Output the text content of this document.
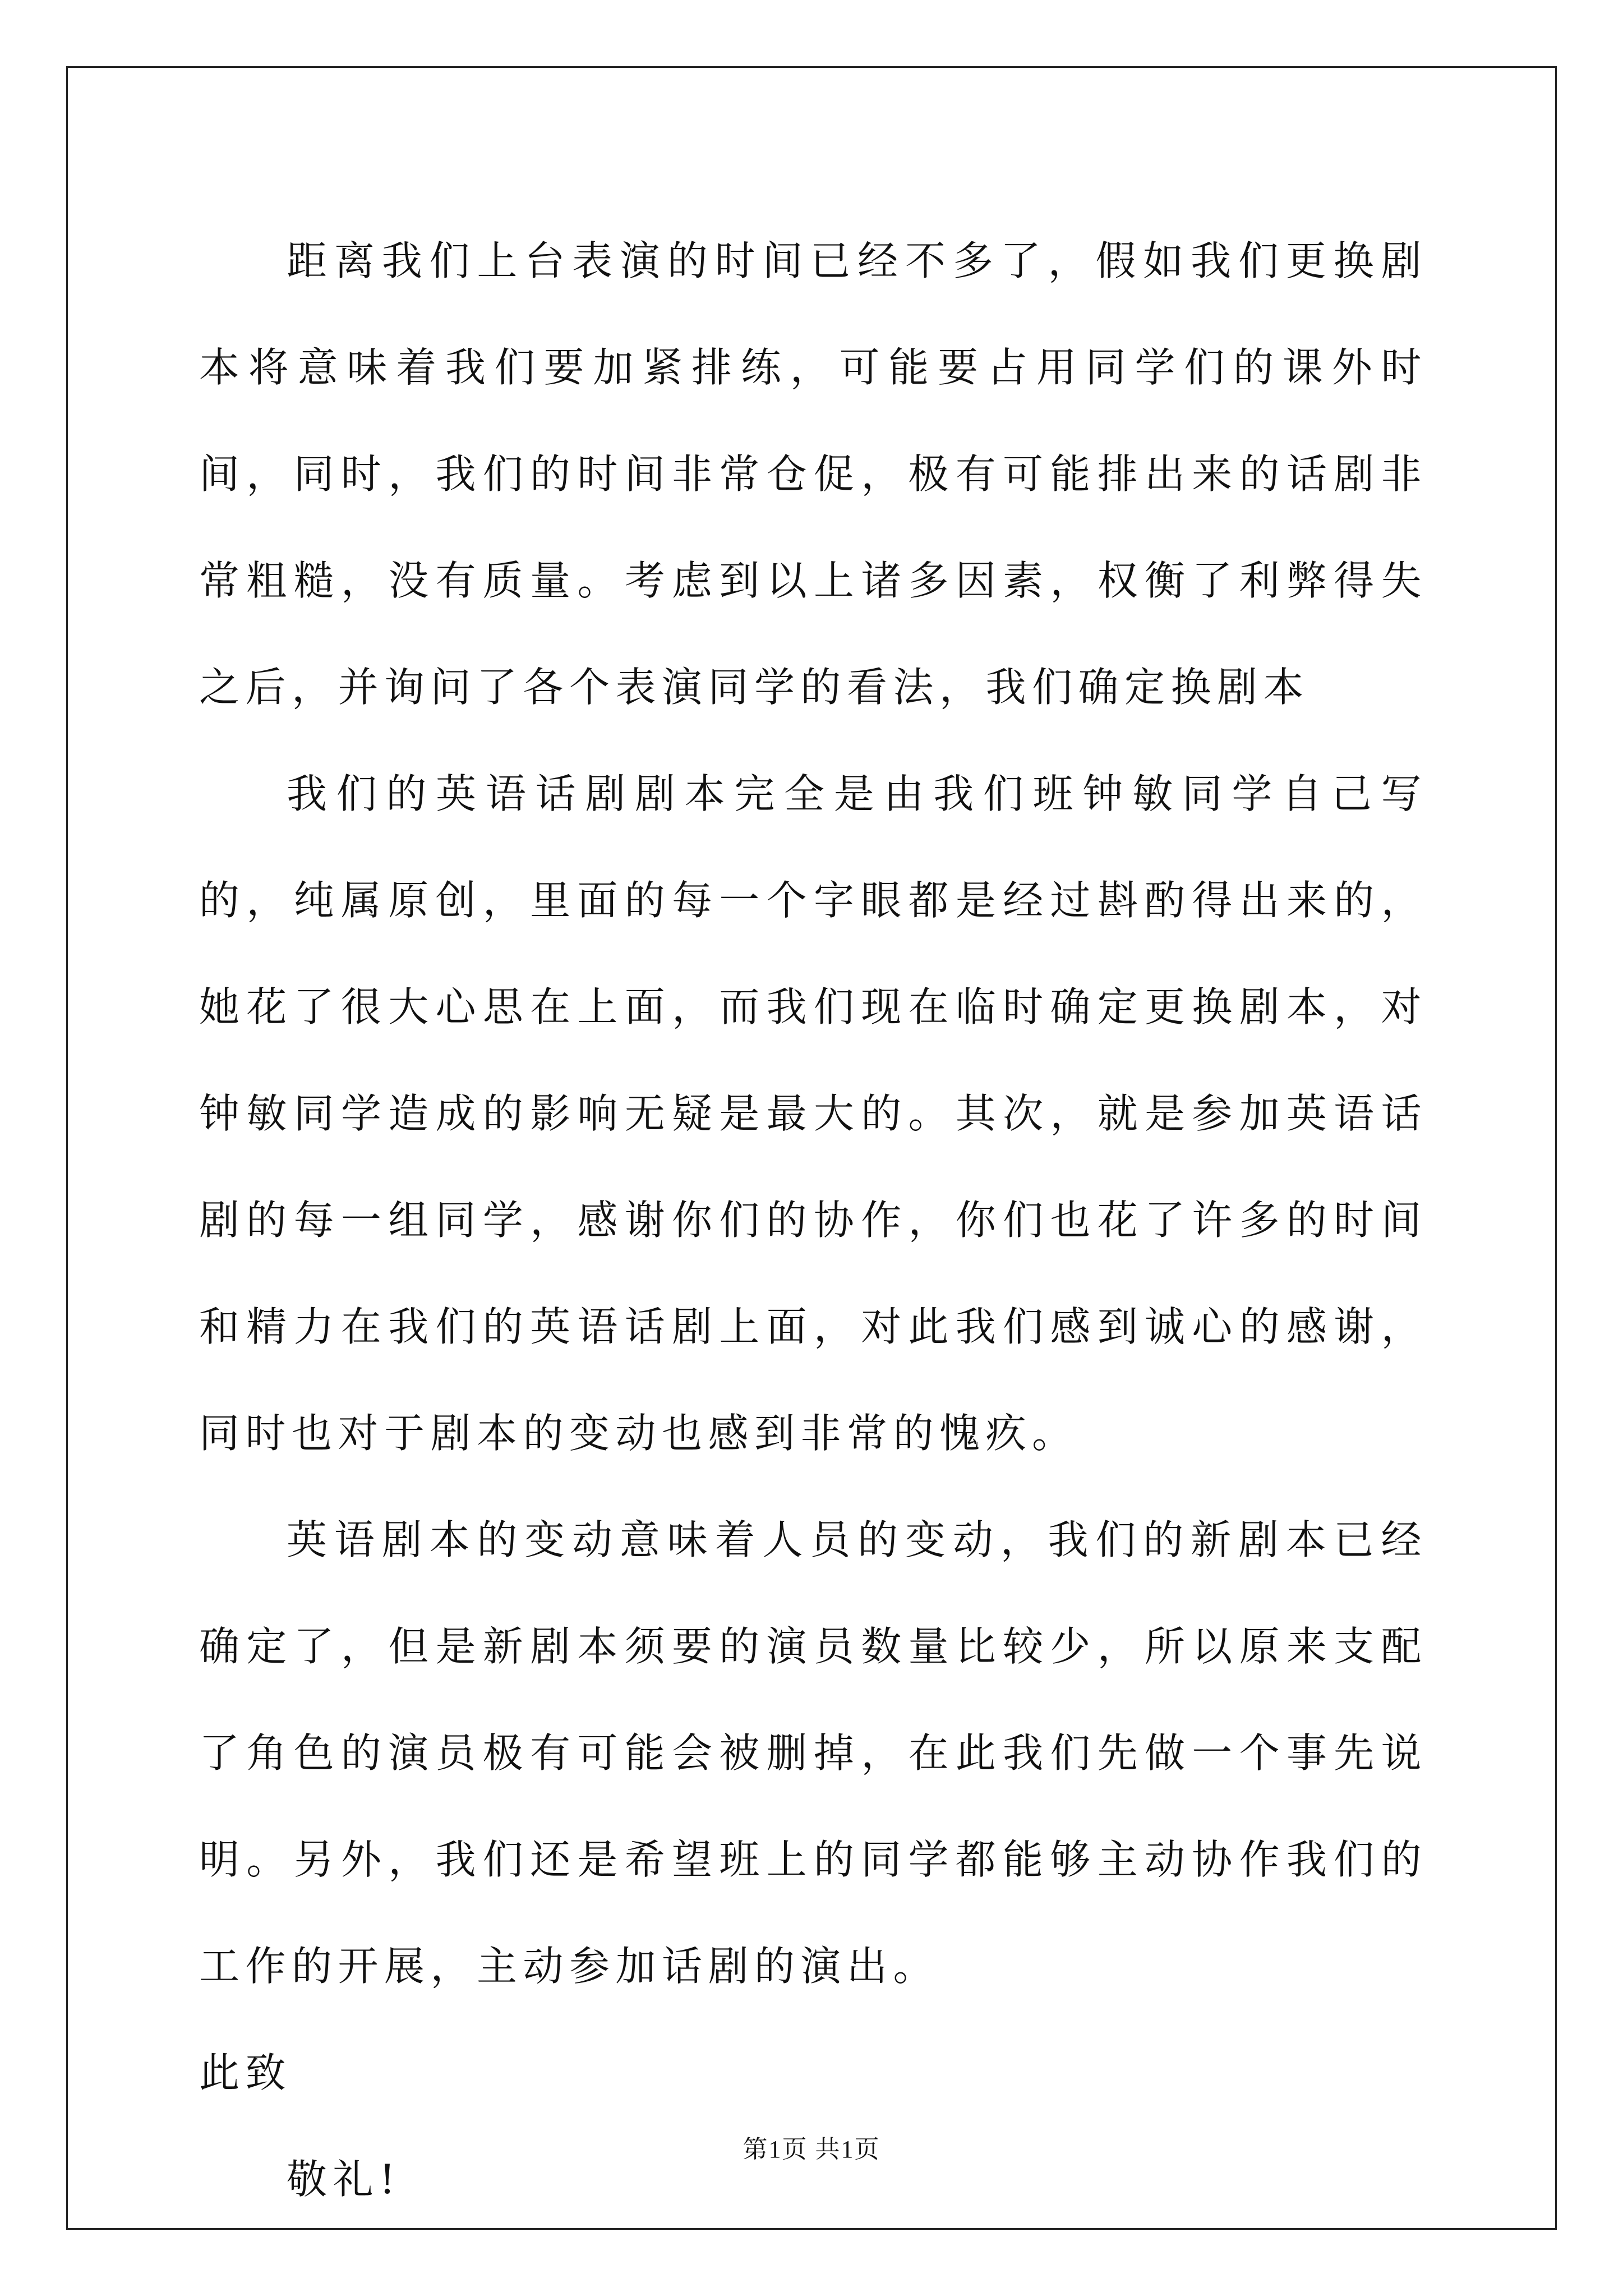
距离我们上台表演的时间已经不多了，假如我们更换剧本将意味着我们要加紧排练，可能要占用同学们的课外时间，同时，我们的时间非常仓促，极有可能排出来的话剧非常粗糙，没有质量。考虑到以上诸多因素，权衡了利弊得失之后，并询问了各个表演同学的看法，我们确定换剧本

我们的英语话剧剧本完全是由我们班钟敏同学自己写的，纯属原创，里面的每一个字眼都是经过斟酌得出来的，她花了很大心思在上面，而我们现在临时确定更换剧本，对钟敏同学造成的影响无疑是最大的。其次，就是参加英语话剧的每一组同学，感谢你们的协作，你们也花了许多的时间和精力在我们的英语话剧上面，对此我们感到诚心的感谢，同时也对于剧本的变动也感到非常的愧疚。

英语剧本的变动意味着人员的变动，我们的新剧本已经确定了，但是新剧本须要的演员数量比较少，所以原来支配了角色的演员极有可能会被删掉，在此我们先做一个事先说明。另外，我们还是希望班上的同学都能够主动协作我们的工作的开展，主动参加话剧的演出。

此致

敬礼!

第1页 共1页
